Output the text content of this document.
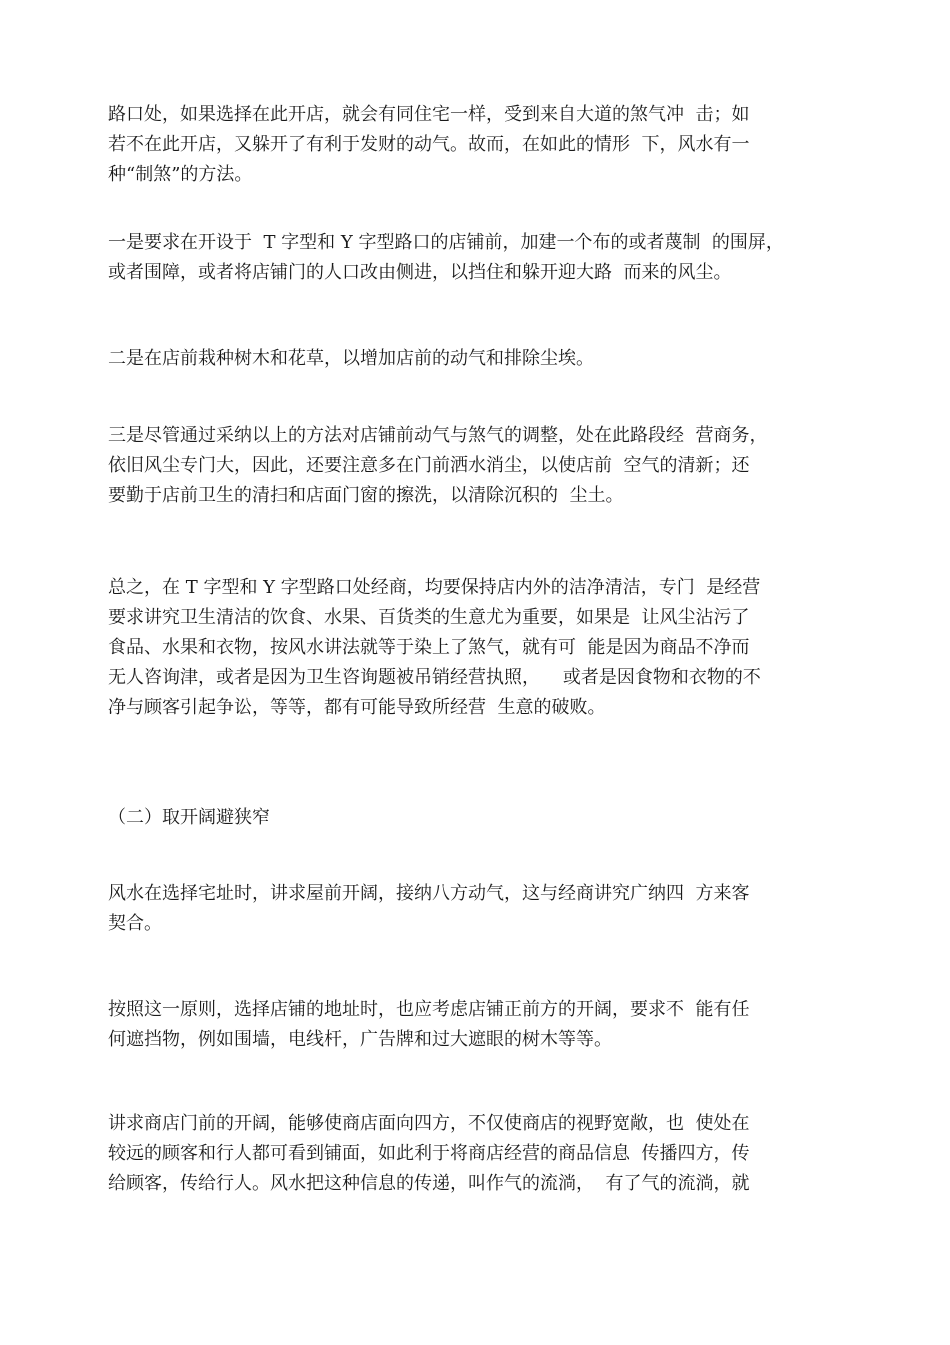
路口处，如果选择在此开店，就会有同住宅一样，受到来自大道的煞气冲  击；如
若不在此开店，又躲开了有利于发财的动气。故而，在如此的情形  下，风水有一
种“制煞”的方法。
一是要求在开设于  T 字型和 Y 字型路口的店铺前，加建一个布的或者蔑制  的围屏，
或者围障，或者将店铺门的人口改由侧进，以挡住和躲开迎大路  而来的风尘。
二是在店前栽种树木和花草，以增加店前的动气和排除尘埃。
三是尽管通过采纳以上的方法对店铺前动气与煞气的调整，处在此路段经  营商务，
依旧风尘专门大，因此，还要注意多在门前洒水消尘，以使店前  空气的清新；还
要勤于店前卫生的清扫和店面门窗的擦洗，以清除沉积的  尘土。
总之，在 T 字型和 Y 字型路口处经商，均要保持店内外的洁净清洁，专门  是经营
要求讲究卫生清洁的饮食、水果、百货类的生意尤为重要，如果是  让风尘沾污了
食品、水果和衣物，按风水讲法就等于染上了煞气，就有可  能是因为商品不净而
无人咨询津，或者是因为卫生咨询题被吊销经营执照，    或者是因食物和衣物的不
净与顾客引起争讼，等等，都有可能导致所经营  生意的破败。
（二）取开阔避狭窄
风水在选择宅址时，讲求屋前开阔，接纳八方动气，这与经商讲究广纳四  方来客
契合。
按照这一原则，选择店铺的地址时，也应考虑店铺正前方的开阔，要求不  能有任
何遮挡物，例如围墙，电线杆，广告牌和过大遮眼的树木等等。
讲求商店门前的开阔，能够使商店面向四方，不仅使商店的视野宽敞，也  使处在
较远的顾客和行人都可看到铺面，如此利于将商店经营的商品信息  传播四方，传
给顾客，传给行人。风水把这种信息的传递，叫作气的流淌，  有了气的流淌，就
